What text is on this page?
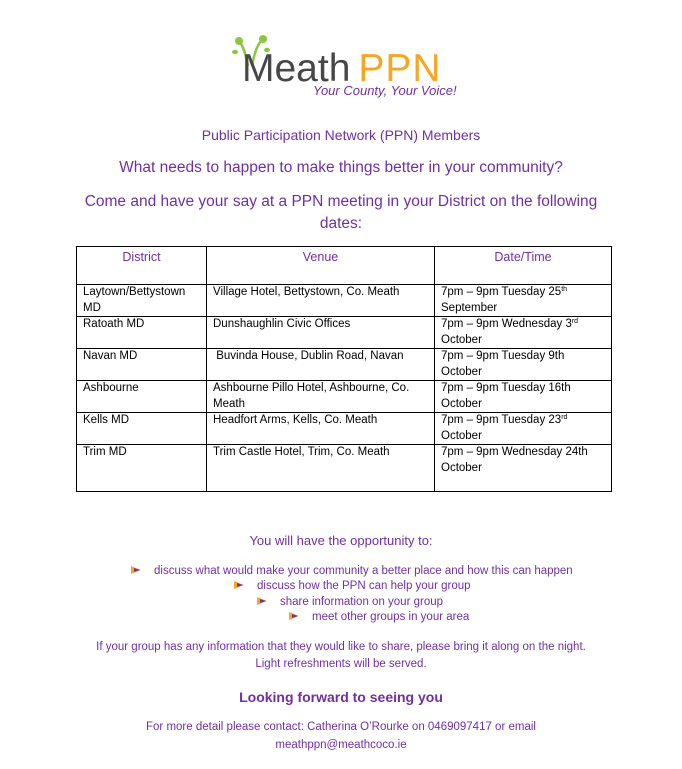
Meath PPN
Your County, Your Voice!
Public Participation Network (PPN) Members
What needs to happen to make things better in your community?
Come and have your say at a PPN meeting in your District on the following
dates:
District	Venue	Date/Time
Laytown/Bettystown MD	Village Hotel, Bettystown, Co. Meath	7pm – 9pm Tuesday 25th September
Ratoath MD	Dunshaughlin Civic Offices	7pm – 9pm Wednesday 3rd October
Navan MD	Buvinda House, Dublin Road, Navan	7pm – 9pm Tuesday 9th October
Ashbourne	Ashbourne Pillo Hotel, Ashbourne, Co. Meath	7pm – 9pm Tuesday 16th October
Kells MD	Headfort Arms, Kells, Co. Meath	7pm – 9pm Tuesday 23rd October
Trim MD	Trim Castle Hotel, Trim, Co. Meath	7pm – 9pm Wednesday 24th October
You will have the opportunity to:
discuss what would make your community a better place and how this can happen
discuss how the PPN can help your group
share information on your group
meet other groups in your area
If your group has any information that they would like to share, please bring it along on the night.
Light refreshments will be served.
Looking forward to seeing you
For more detail please contact: Catherina O’Rourke on 0469097417 or email
meathppn@meathcoco.ie
